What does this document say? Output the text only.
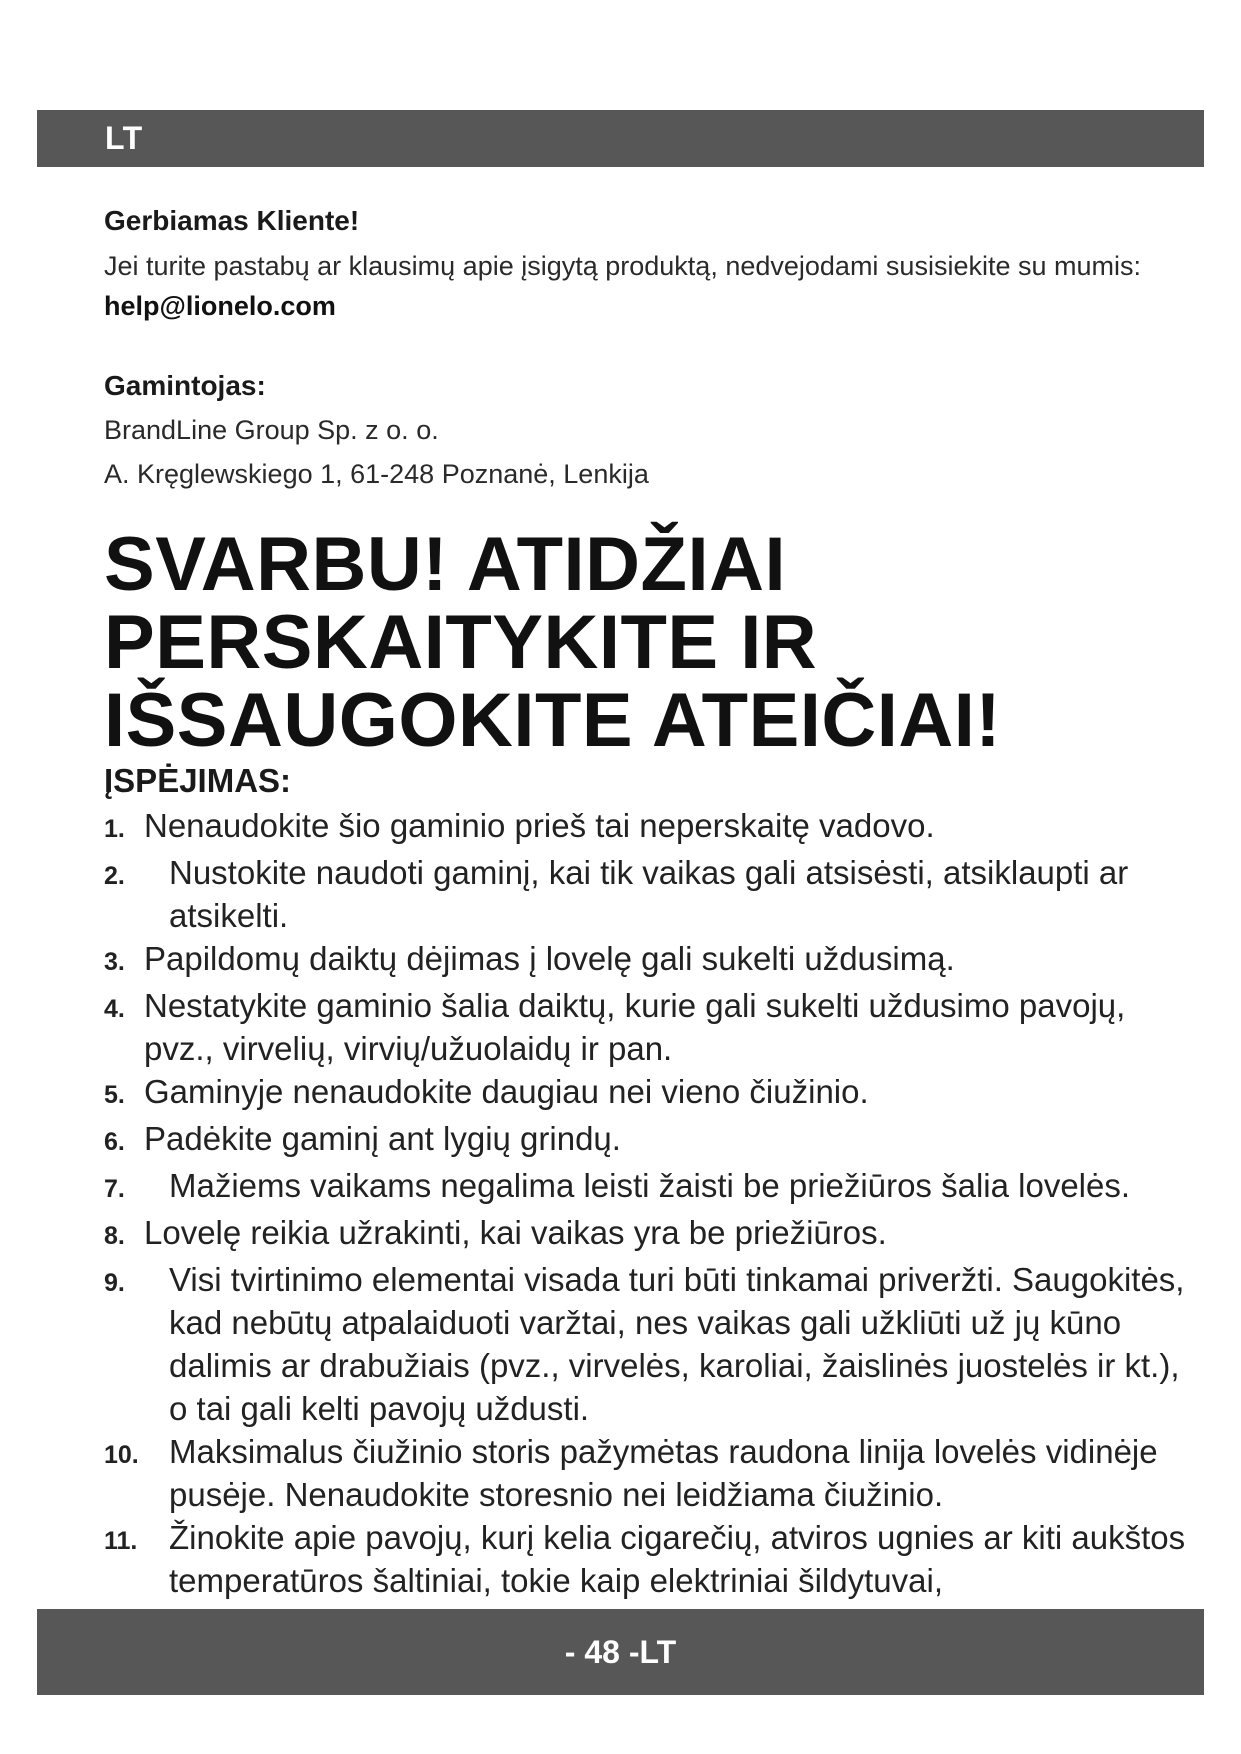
LT

Gerbiamas Kliente!

Jei turite pastabų ar klausimų apie įsigytą produktą, nedvejodami susisiekite su mumis: help@lionelo.com

Gamintojas:

BrandLine Group Sp. z o. o.

A. Kręglewskiego 1, 61-248 Poznanė, Lenkija

SVARBU! ATIDŽIAI PERSKAITYKITE IR IŠSAUGOKITE ATEIČIAI!

ĮSPĖJIMAS:

1. Nenaudokite šio gaminio prieš tai neperskaitę vadovo.
2.	Nustokite naudoti gaminį, kai tik vaikas gali atsisėsti, atsiklaupti ar atsikelti.
3. Papildomų daiktų dėjimas į lovelę gali sukelti uždusimą.
4. Nestatykite gaminio šalia daiktų, kurie gali sukelti uždusimo pavojų, pvz., virvelių, virvių/užuolaidų ir pan.
5. Gaminyje nenaudokite daugiau nei vieno čiužinio.
6. Padėkite gaminį ant lygių grindų.
7.	Mažiems vaikams negalima leisti žaisti be priežiūros šalia lovelės.
8. Lovelę reikia užrakinti, kai vaikas yra be priežiūros.
9.	Visi tvirtinimo elementai visada turi būti tinkamai priveržti. Saugokitės, kad nebūtų atpalaiduoti varžtai, nes vaikas gali užkliūti už jų kūno dalimis ar drabužiais (pvz., virvelės, karoliai, žaislinės juostelės ir kt.), o tai gali kelti pavojų uždusti.
10. Maksimalus čiužinio storis pažymėtas raudona linija lovelės vidinėje pusėje. Nenaudokite storesnio nei leidžiama čiužinio.
11. Žinokite apie pavojų, kurį kelia cigarečių, atviros ugnies ar kiti aukštos temperatūros šaltiniai, tokie kaip elektriniai šildytuvai,
- 48 -LT
